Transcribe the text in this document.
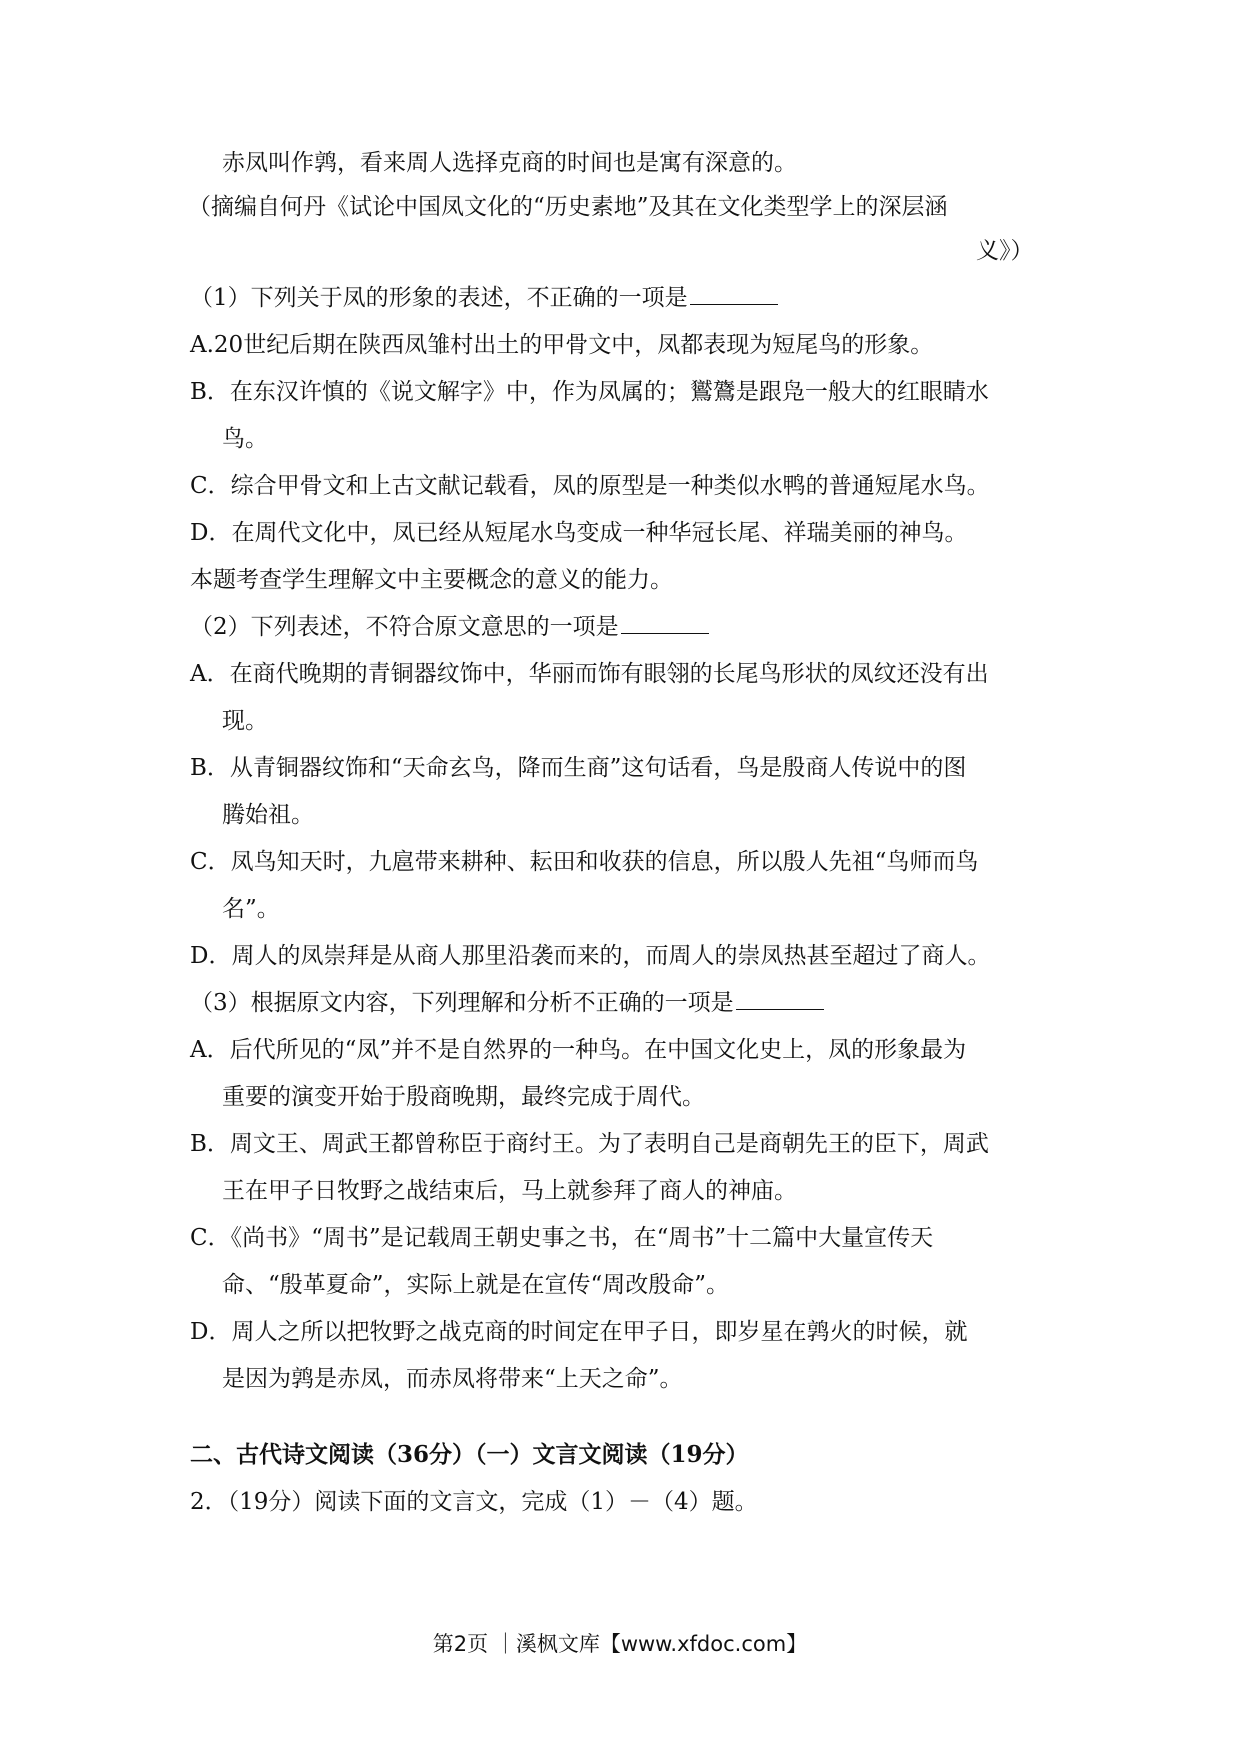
赤凤叫作鹑，看来周人选择克商的时间也是寓有深意的。
（摘编自何丹《试论中国凤文化的“历史素地”及其在文化类型学上的深层涵
义》）
（1）下列关于凤的形象的表述，不正确的一项是
A.20世纪后期在陕西凤雏村出土的甲骨文中，凤都表现为短尾鸟的形象。
B．在东汉许慎的《说文解字》中，作为凤属的；鸑鷟是跟凫一般大的红眼睛水
鸟。
C．综合甲骨文和上古文献记载看，凤的原型是一种类似水鸭的普通短尾水鸟。
D．在周代文化中，凤已经从短尾水鸟变成一种华冠长尾、祥瑞美丽的神鸟。
本题考查学生理解文中主要概念的意义的能力。
（2）下列表述，不符合原文意思的一项是
A．在商代晚期的青铜器纹饰中，华丽而饰有眼翎的长尾鸟形状的凤纹还没有出
现。
B．从青铜器纹饰和“天命玄鸟，降而生商”这句话看，鸟是殷商人传说中的图
腾始祖。
C．凤鸟知天时，九扈带来耕种、耘田和收获的信息，所以殷人先祖“鸟师而鸟
名”。
D．周人的凤崇拜是从商人那里沿袭而来的，而周人的崇凤热甚至超过了商人。
（3）根据原文内容，下列理解和分析不正确的一项是
A．后代所见的“凤”并不是自然界的一种鸟。在中国文化史上，凤的形象最为
重要的演变开始于殷商晚期，最终完成于周代。
B．周文王、周武王都曾称臣于商纣王。为了表明自己是商朝先王的臣下，周武
王在甲子日牧野之战结束后，马上就参拜了商人的神庙。
C．《尚书》“周书”是记载周王朝史事之书，在“周书”十二篇中大量宣传天
命、“殷革夏命”，实际上就是在宣传“周改殷命”。
D．周人之所以把牧野之战克商的时间定在甲子日，即岁星在鹑火的时候，就
是因为鹑是赤凤，而赤凤将带来“上天之命”。
二、古代诗文阅读（36分）（一）文言文阅读（19分）
2．（19分）阅读下面的文言文，完成（1）－（4）题。
第2页 ｜溪枫文库【www.xfdoc.com】
